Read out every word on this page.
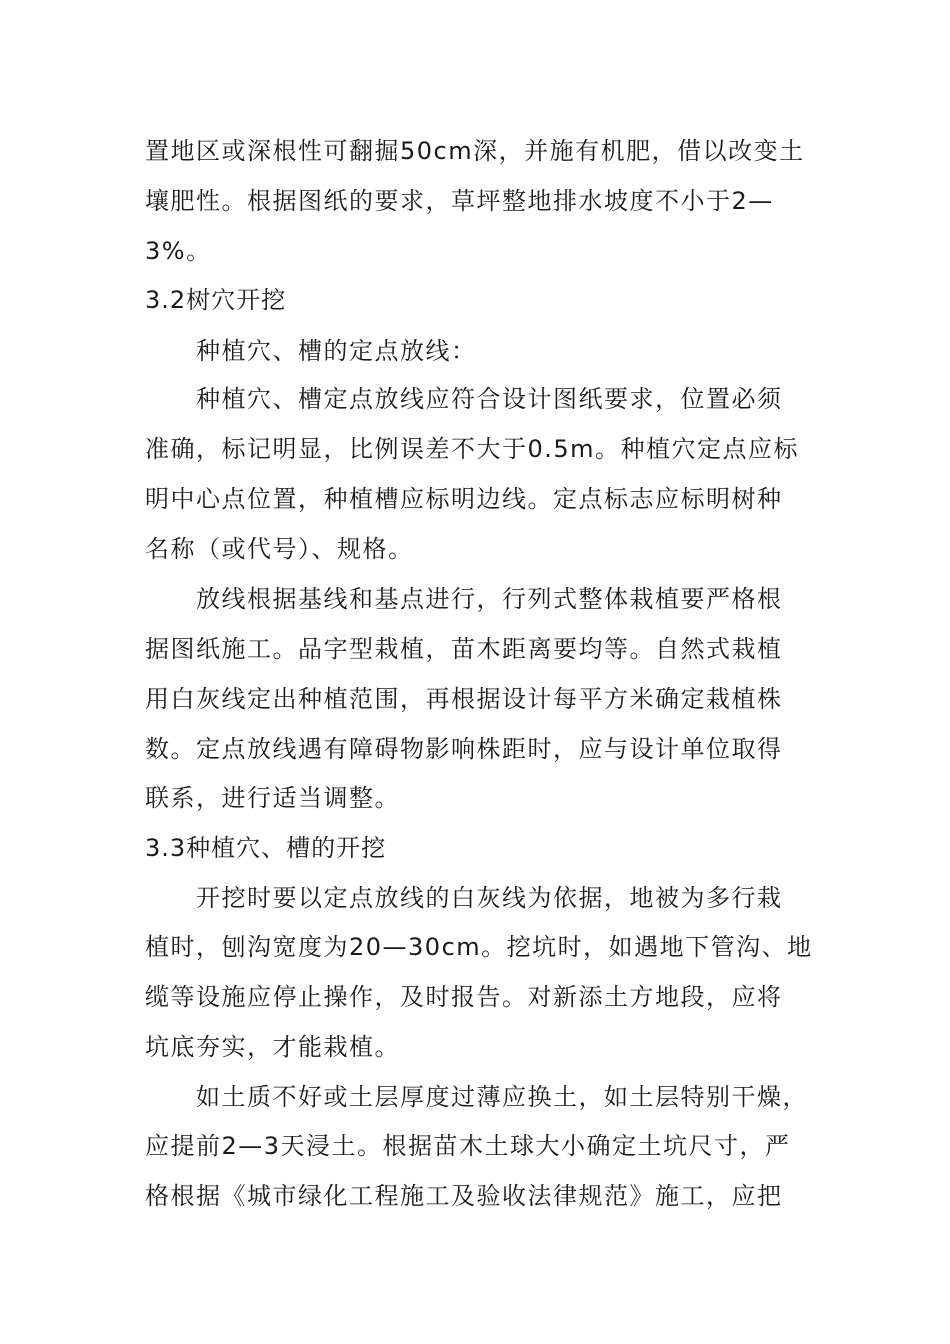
置地区或深根性可翻掘50cm深，并施有机肥，借以改变土
壤肥性。根据图纸的要求，草坪整地排水坡度不小于2—
3%。
3.2树穴开挖
种植穴、槽的定点放线：
种植穴、槽定点放线应符合设计图纸要求，位置必须
准确，标记明显，比例误差不大于0.5m。种植穴定点应标
明中心点位置，种植槽应标明边线。定点标志应标明树种
名称（或代号）、规格。
放线根据基线和基点进行，行列式整体栽植要严格根
据图纸施工。品字型栽植，苗木距离要均等。自然式栽植
用白灰线定出种植范围，再根据设计每平方米确定栽植株
数。定点放线遇有障碍物影响株距时，应与设计单位取得
联系，进行适当调整。
3.3种植穴、槽的开挖
开挖时要以定点放线的白灰线为依据，地被为多行栽
植时，刨沟宽度为20—30cm。挖坑时，如遇地下管沟、地
缆等设施应停止操作，及时报告。对新添土方地段，应将
坑底夯实，才能栽植。
如土质不好或土层厚度过薄应换土，如土层特别干燥，
应提前2—3天浸土。根据苗木土球大小确定土坑尺寸，严
格根据《城市绿化工程施工及验收法律规范》施工，应把
